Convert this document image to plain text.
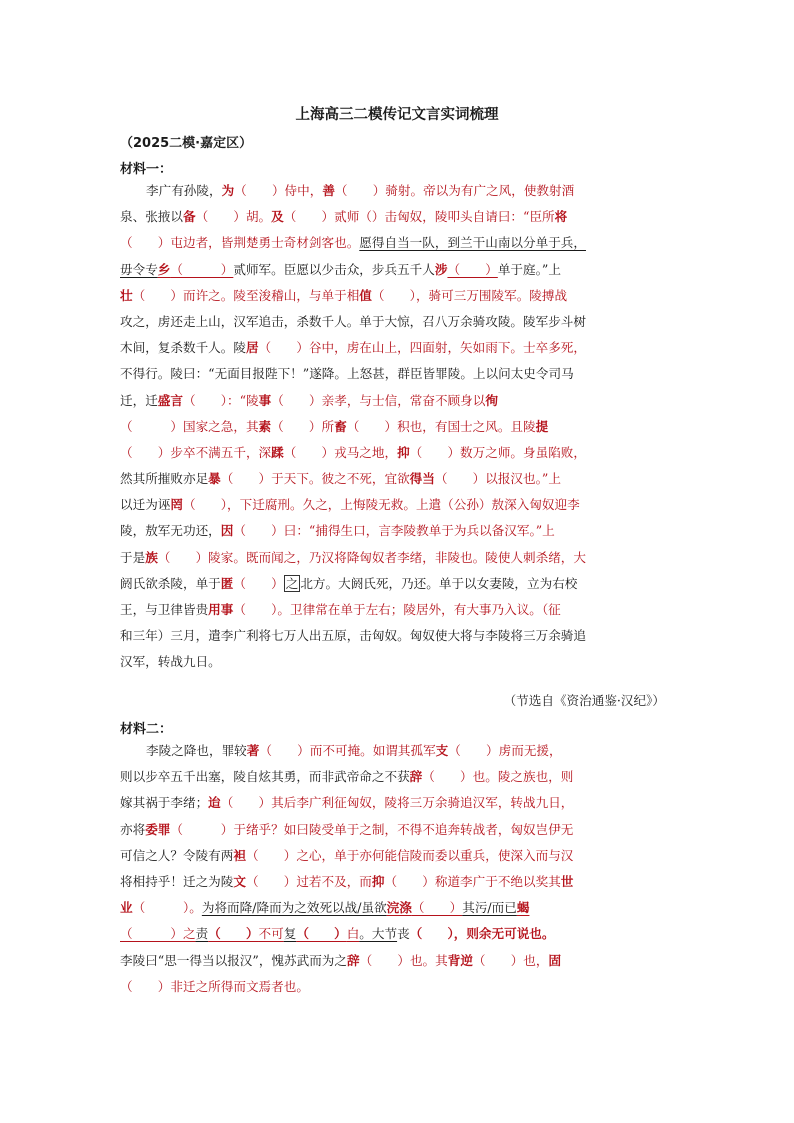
上海高三二模传记文言实词梳理
（2025二模·嘉定区）
材料一：
李广有孙陵，为（　　）侍中，善（　　）骑射。帝以为有广之风，使教射酒
泉、张掖以备（　　）胡。及（　　）贰师（）击匈奴，陵叩头自请曰：“臣所将
（　　）屯边者，皆荆楚勇士奇材剑客也。愿得自当一队，到兰干山南以分单于兵，
毋令专乡（　　　）贰师军。臣愿以少击众，步兵五千人涉（　　）单于庭。”上
壮（　　）而许之。陵至浚稽山，与单于相值（　　），骑可三万围陵军。陵搏战
攻之，虏还走上山，汉军追击，杀数千人。单于大惊，召八万余骑攻陵。陵军步斗树
木间，复杀数千人。陵居（　　）谷中，虏在山上，四面射，矢如雨下。士卒多死，
不得行。陵曰：“无面目报陛下！”遂降。上怒甚，群臣皆罪陵。上以问太史令司马
迁，迁盛言（　　）：“陵事（　　）亲孝，与士信，常奋不顾身以徇
（　　　）国家之急，其素（　　）所畜（　　）积也，有国士之风。且陵提
（　　）步卒不满五千，深蹂（　　）戎马之地，抑（　　）数万之师。身虽陷败，
然其所摧败亦足暴（　　）于天下。彼之不死，宜欲得当（　　）以报汉也。”上
以迁为诬罔（　　），下迁腐刑。久之，上悔陵无救。上遣（公孙）敖深入匈奴迎李
陵，敖军无功还，因（　　）曰：“捕得生口，言李陵教单于为兵以备汉军。”上
于是族（　　）陵家。既而闻之，乃汉将降匈奴者李绪，非陵也。陵使人刺杀绪，大
阏氏欲杀陵，单于匿（　　） 之 北方。大阏氏死，乃还。单于以女妻陵，立为右校
王，与卫律皆贵用事（　　）。卫律常在单于左右；陵居外，有大事乃入议。（征
和三年）三月，遣李广利将七万人出五原，击匈奴。匈奴使大将与李陵将三万余骑追
汉军，转战九日。
（节选自《资治通鉴·汉纪》）
材料二：
李陵之降也，罪较著（　　）而不可掩。如谓其孤军支（　　）虏而无援，
则以步卒五千出塞，陵自炫其勇，而非武帝命之不获辞（　　）也。陵之族也，则
嫁其祸于李绪；迨（　　）其后李广利征匈奴，陵将三万余骑追汉军，转战九日，
亦将委罪（　　　）于绪乎？如曰陵受单于之制，不得不追奔转战者，匈奴岂伊无
可信之人？令陵有两袒（　　）之心，单于亦何能信陵而委以重兵，使深入而与汉
将相持乎！迁之为陵文（　　）过若不及，而抑（　　）称道李广于不绝以奖其世
业（　　　）。为将而降/降而为之效死以战/虽欲浣涤（　　）其污/而已蝎
（　　　）之责（　　）不可复（　　）白。大节丧（　　），则余无可说也。
李陵曰“思一得当以报汉”，愧苏武而为之辞（　　）也。其背逆（　　）也，固
（　　）非迁之所得而文焉者也。
